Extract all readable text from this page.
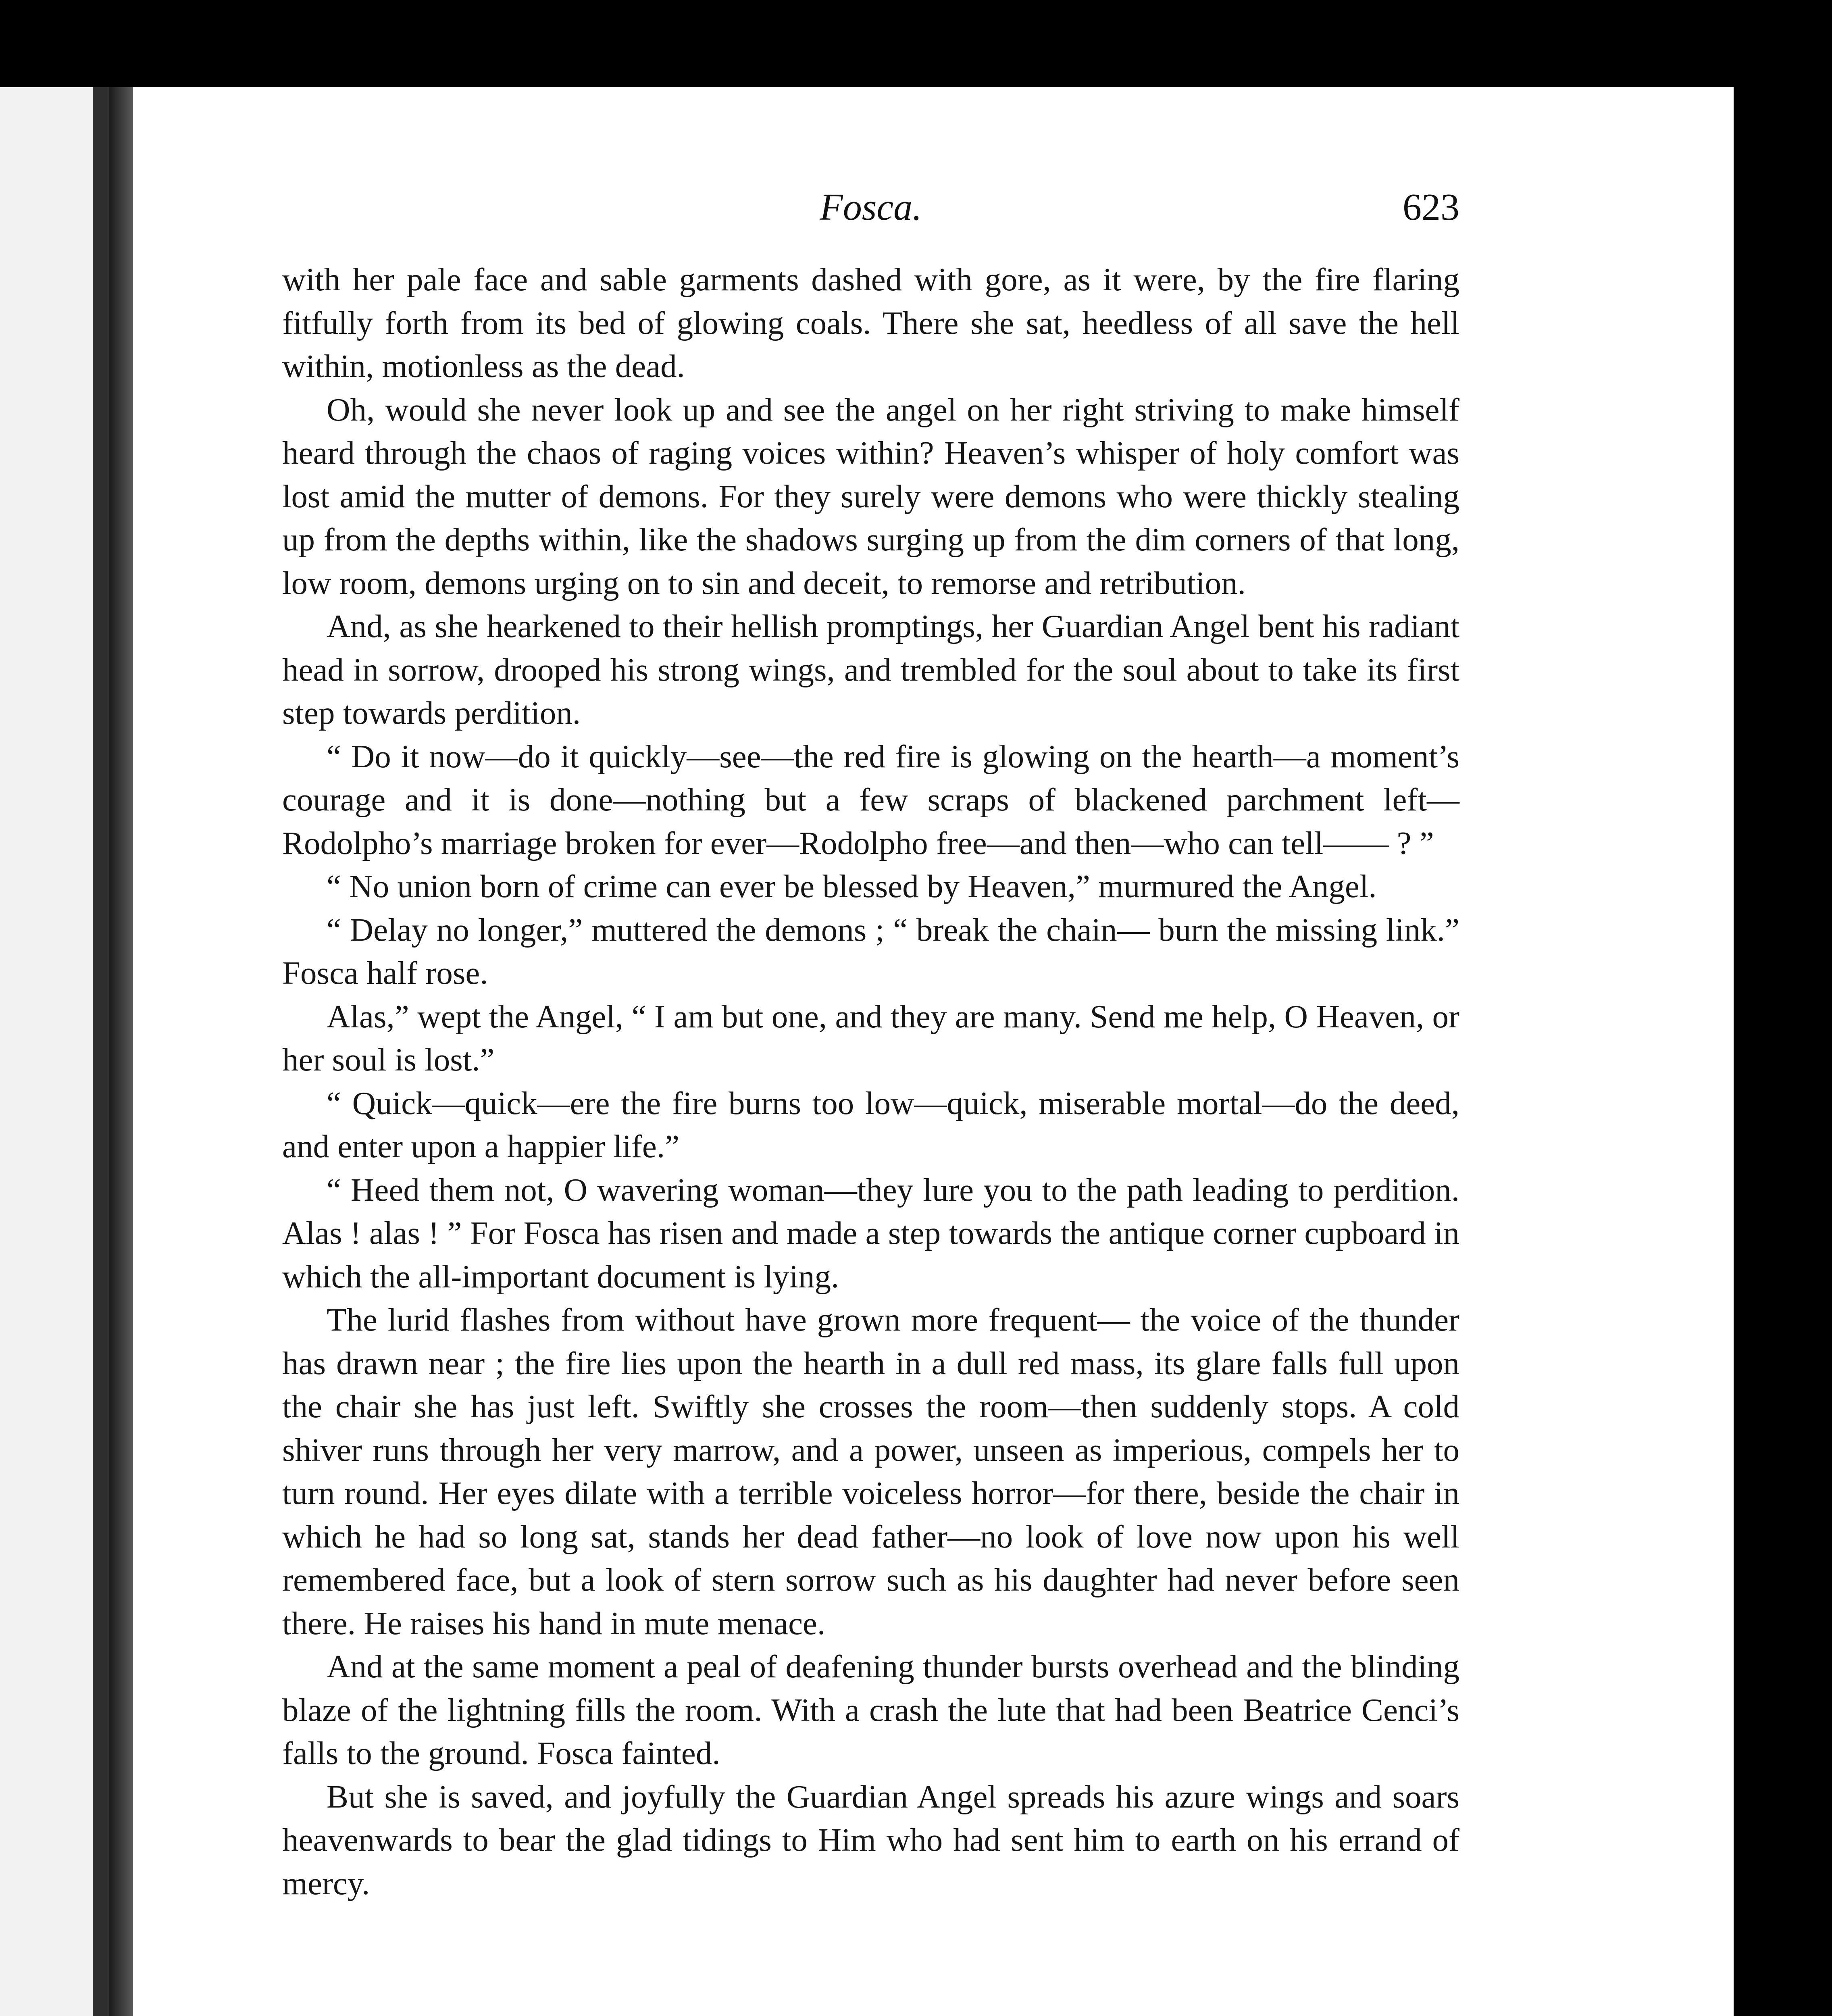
Fosca.	623

with her pale face and sable garments dashed with gore, as it were, by the fire flaring fitfully forth from its bed of glowing coals. There she sat, heedless of all save the hell within, motionless as the dead.

Oh, would she never look up and see the angel on her right striving to make himself heard through the chaos of raging voices within? Heaven’s whisper of holy comfort was lost amid the mutter of demons. For they surely were demons who were thickly stealing up from the depths within, like the shadows surging up from the dim corners of that long, low room, demons urging on to sin and deceit, to remorse and retribution.

And, as she hearkened to their hellish promptings, her Guardian Angel bent his radiant head in sorrow, drooped his strong wings, and trembled for the soul about to take its first step towards perdition.

“ Do it now—do it quickly—see—the red fire is glowing on the hearth—a moment’s courage and it is done—nothing but a few scraps of blackened parchment left—Rodolpho’s marriage broken for ever—Rodolpho free—and then—who can tell—— ? ”

“ No union born of crime can ever be blessed by Heaven,” murmured the Angel.

“ Delay no longer,” muttered the demons ; “ break the chain— burn the missing link.” Fosca half rose.

Alas,” wept the Angel, “ I am but one, and they are many. Send me help, O Heaven, or her soul is lost.”

“ Quick—quick—ere the fire burns too low—quick, miserable mortal—do the deed, and enter upon a happier life.”

“ Heed them not, O wavering woman—they lure you to the path leading to perdition. Alas ! alas ! ” For Fosca has risen and made a step towards the antique corner cupboard in which the all-important document is lying.

The lurid flashes from without have grown more frequent— the voice of the thunder has drawn near ; the fire lies upon the hearth in a dull red mass, its glare falls full upon the chair she has just left. Swiftly she crosses the room—then suddenly stops. A cold shiver runs through her very marrow, and a power, unseen as imperious, compels her to turn round. Her eyes dilate with a terrible voiceless horror—for there, beside the chair in which he had so long sat, stands her dead father—no look of love now upon his well remembered face, but a look of stern sorrow such as his daughter had never before seen there. He raises his hand in mute menace.

And at the same moment a peal of deafening thunder bursts overhead and the blinding blaze of the lightning fills the room. With a crash the lute that had been Beatrice Cenci’s falls to the ground. Fosca fainted.

But she is saved, and joyfully the Guardian Angel spreads his azure wings and soars heavenwards to bear the glad tidings to Him who had sent him to earth on his errand of mercy.
